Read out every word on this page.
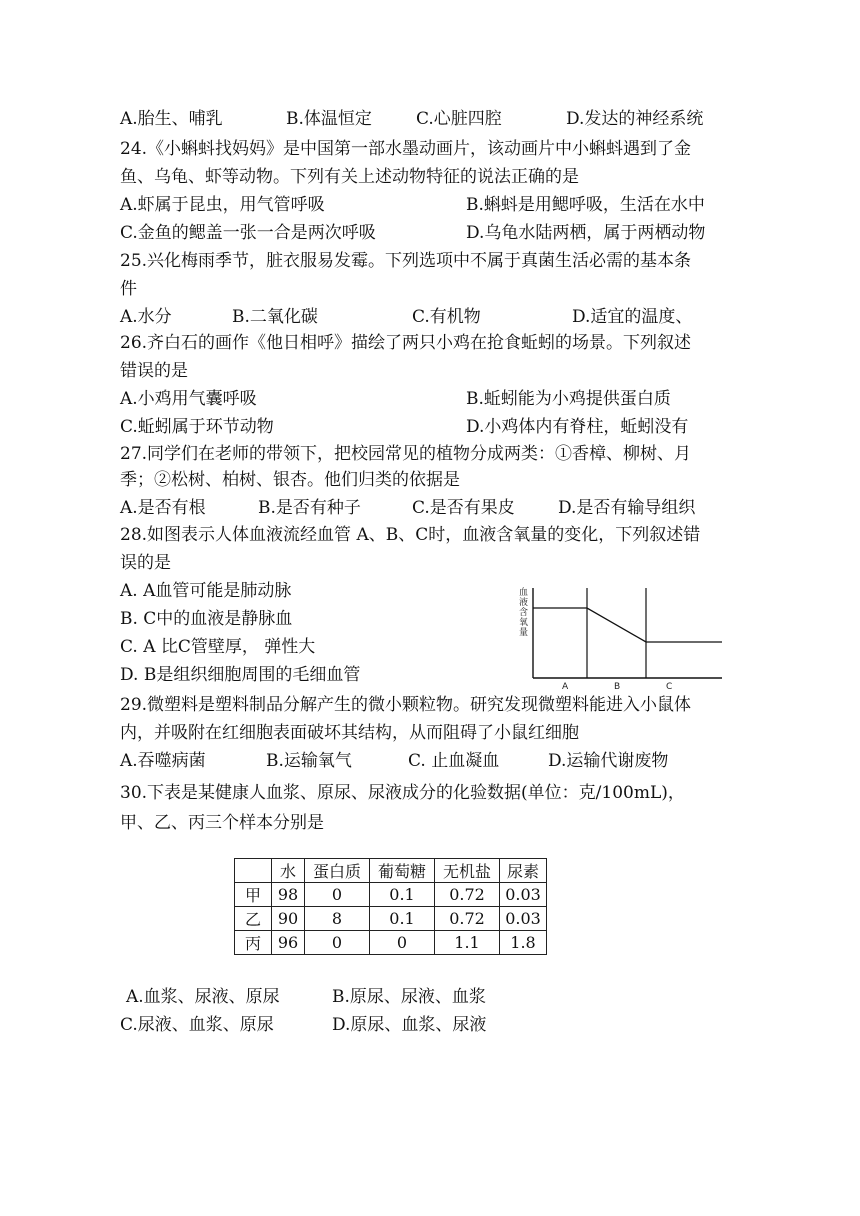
A.胎生、哺乳	B.体温恒定	C.心脏四腔	D.发达的神经系统
24.《小蝌蚪找妈妈》是中国第一部水墨动画片，该动画片中小蝌蚪遇到了金
鱼、乌龟、虾等动物。下列有关上述动物特征的说法正确的是
A.虾属于昆虫，用气管呼吸	B.蝌蚪是用鳃呼吸，生活在水中
C.金鱼的鳃盖一张一合是两次呼吸	D.乌龟水陆两栖，属于两栖动物
25.兴化梅雨季节，脏衣服易发霉。下列选项中不属于真菌生活必需的基本条
件
A.水分	B.二氧化碳	C.有机物	D.适宜的温度、
26.齐白石的画作《他日相呼》描绘了两只小鸡在抢食蚯蚓的场景。下列叙述
错误的是
A.小鸡用气囊呼吸	B.蚯蚓能为小鸡提供蛋白质
C.蚯蚓属于环节动物	D.小鸡体内有脊柱，蚯蚓没有
27.同学们在老师的带领下，把校园常见的植物分成两类：①香樟、柳树、月
季；②松树、柏树、银杏。他们归类的依据是
A.是否有根	B.是否有种子	C.是否有果皮	D.是否有输导组织
28.如图表示人体血液流经血管 A、B、C时，血液含氧量的变化，下列叙述错
误的是
A. A血管可能是肺动脉
B. C中的血液是静脉血
C. A 比C管壁厚， 弹性大
D. B是组织细胞周围的毛细血管
血
液
含
氧
量
A	B	C
29.微塑料是塑料制品分解产生的微小颗粒物。研究发现微塑料能进入小鼠体
内，并吸附在红细胞表面破坏其结构，从而阻碍了小鼠红细胞
A.吞噬病菌	B.运输氧气	C. 止血凝血	D.运输代谢废物
30.下表是某健康人血浆、原尿、尿液成分的化验数据(单位：克/100mL)，
甲、乙、丙三个样本分别是
	水	蛋白质	葡萄糖	无机盐	尿素
甲	98	0	0.1	0.72	0.03
乙	90	8	0.1	0.72	0.03
丙	96	0	0	1.1	1.8
A.血浆、尿液、原尿	B.原尿、尿液、血浆
C.尿液、血浆、原尿	D.原尿、血浆、尿液
